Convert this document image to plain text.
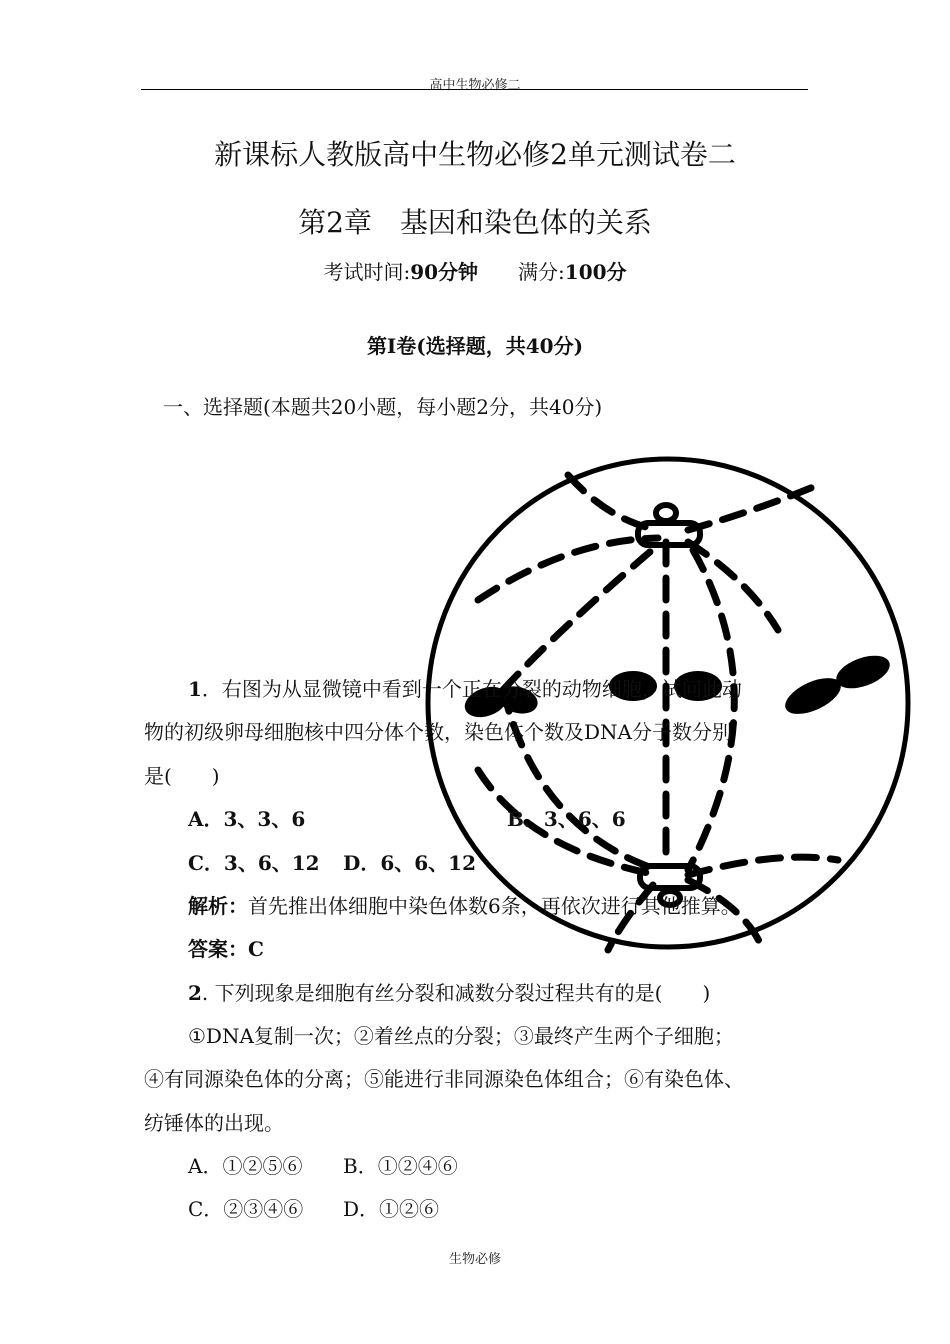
高中生物必修二
新课标人教版高中生物必修2单元测试卷二
第2章　基因和染色体的关系
考试时间:90分钟 满分:100分
第Ⅰ卷(选择题，共40分)
一、选择题(本题共20小题，每小题2分，共40分)
1．右图为从显微镜中看到一个正在分裂的动物细胞，试问此动
物的初级卵母细胞核中四分体个数，染色体个数及DNA分子数分别
是(　　)
A．3、3、6	B．3、6、6
C．3、6、12 D．6、6、12
解析：首先推出体细胞中染色体数6条，再依次进行其他推算。
答案：C
2. 下列现象是细胞有丝分裂和减数分裂过程共有的是(　　)
①DNA复制一次；②着丝点的分裂；③最终产生两个子细胞；
④有同源染色体的分离；⑤能进行非同源染色体组合；⑥有染色体、
纺锤体的出现。
A．①②⑤⑥ B．①②④⑥
C．②③④⑥ D．①②⑥
生物必修
